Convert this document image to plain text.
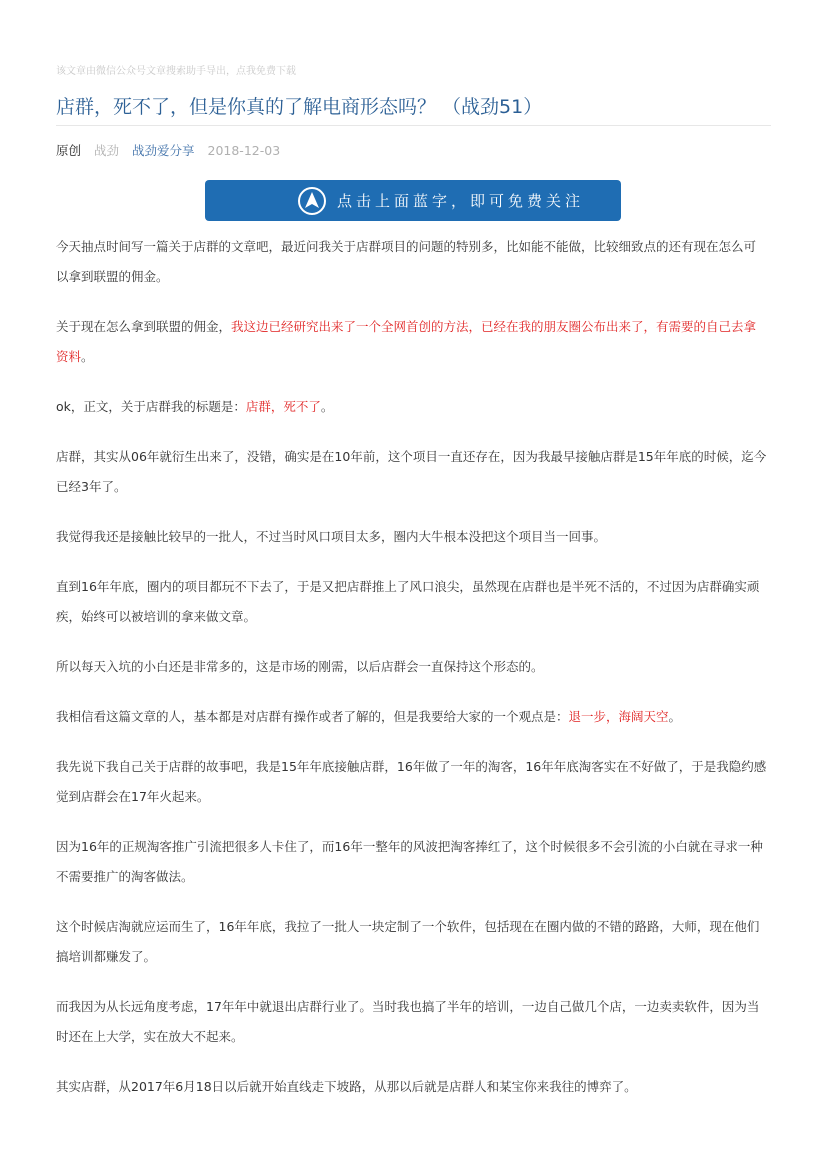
该文章由微信公众号文章搜索助手导出，点我免费下载
店群，死不了，但是你真的了解电商形态吗？ （战劲51）
原创 战劲 战劲爱分享 2018-12-03
点击上面蓝字，即可免费关注

今天抽点时间写一篇关于店群的文章吧，最近问我关于店群项目的问题的特别多，比如能不能做，比较细致点的还有现在怎么可以拿到联盟的佣金。

关于现在怎么拿到联盟的佣金，我这边已经研究出来了一个全网首创的方法，已经在我的朋友圈公布出来了，有需要的自己去拿资料。

ok，正文，关于店群我的标题是：店群，死不了。

店群，其实从06年就衍生出来了，没错，确实是在10年前，这个项目一直还存在，因为我最早接触店群是15年年底的时候，迄今已经3年了。

我觉得我还是接触比较早的一批人，不过当时风口项目太多，圈内大牛根本没把这个项目当一回事。

直到16年年底，圈内的项目都玩不下去了，于是又把店群推上了风口浪尖，虽然现在店群也是半死不活的，不过因为店群确实顽疾，始终可以被培训的拿来做文章。

所以每天入坑的小白还是非常多的，这是市场的刚需，以后店群会一直保持这个形态的。

我相信看这篇文章的人，基本都是对店群有操作或者了解的，但是我要给大家的一个观点是：退一步，海阔天空。

我先说下我自己关于店群的故事吧，我是15年年底接触店群，16年做了一年的淘客，16年年底淘客实在不好做了，于是我隐约感觉到店群会在17年火起来。

因为16年的正规淘客推广引流把很多人卡住了，而16年一整年的风波把淘客捧红了，这个时候很多不会引流的小白就在寻求一种不需要推广的淘客做法。

这个时候店淘就应运而生了，16年年底，我拉了一批人一块定制了一个软件，包括现在在圈内做的不错的路路，大师，现在他们搞培训都赚发了。

而我因为从长远角度考虑，17年年中就退出店群行业了。当时我也搞了半年的培训，一边自己做几个店，一边卖卖软件，因为当时还在上大学，实在放大不起来。

其实店群，从2017年6月18日以后就开始直线走下坡路，从那以后就是店群人和某宝你来我往的博弈了。
